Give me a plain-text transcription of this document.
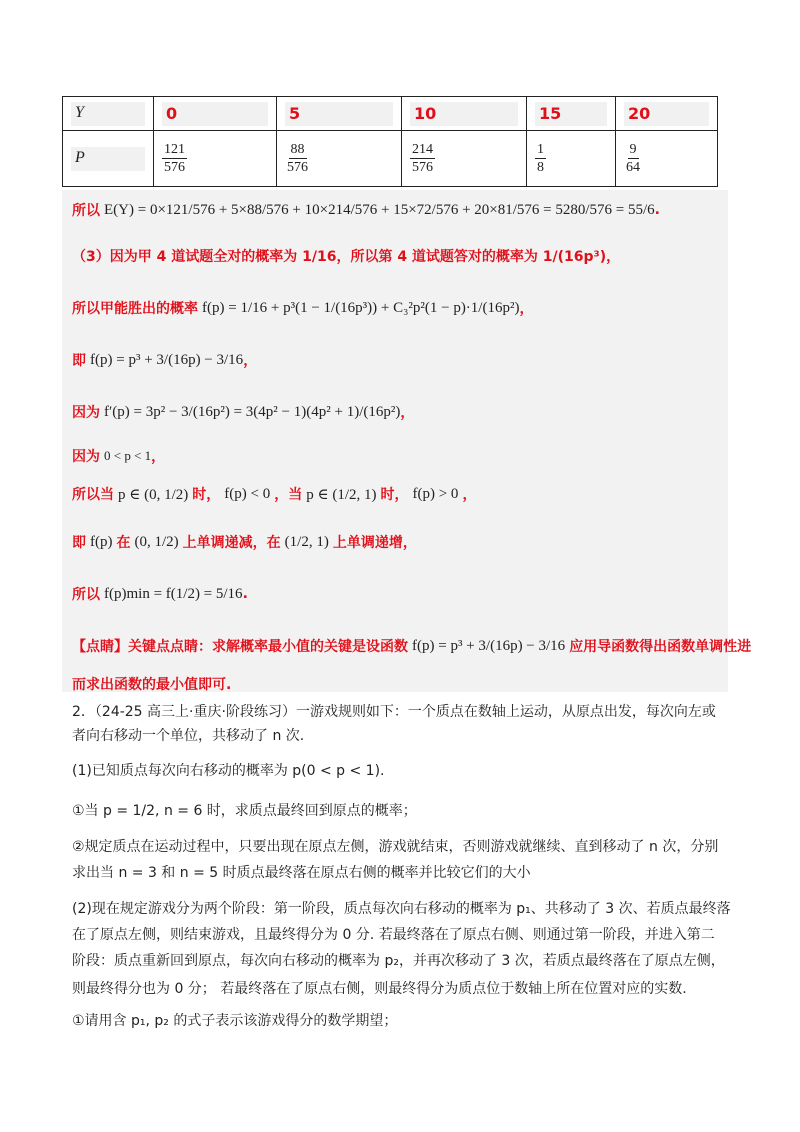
Y	0	5	10	15	20

P	$\frac{121}{576}$	$\frac{88}{576}$	$\frac{214}{576}$	$\frac{1}{8}$	$\frac{9}{64}$
所以 E(Y) = 0×121/576 + 5×88/576 + 10×214/576 + 15×72/576 + 20×81/576 = 5280/576 = 55/6 .
（3）因为甲 4 道试题全对的概率为 1/16，所以第 4 道试题答对的概率为 1/(16p³)，
所以甲能胜出的概率 f(p) = 1/16 + p³(1 − 1/(16p³)) + C₃²p²(1 − p)·1/(16p²) ，
即 f(p) = p³ + 3/(16p) − 3/16 ，
因为 f′(p) = 3p² − 3/(16p²) = 3(4p² − 1)(4p² + 1)/(16p²) ，
因为 0 < p < 1 ，
所以当 p ∈ (0, 1/2) 时， f(p) < 0 ，当 p ∈ (1/2, 1) 时， f(p) > 0 ，
即 f(p) 在 (0, 1/2) 上单调递减，在 (1/2, 1) 上单调递增，
所以 f(p)min = f(1/2) = 5/16 .
【点睛】关键点点睛：求解概率最小值的关键是设函数 f(p) = p³ + 3/(16p) − 3/16 应用导函数得出函数单调性进
而求出函数的最小值即可.
2．（24-25 高三上·重庆·阶段练习）一游戏规则如下：一个质点在数轴上运动，从原点出发，每次向左或
者向右移动一个单位，共移动了 n 次.
(1)已知质点每次向右移动的概率为 p(0 < p < 1).
①当 p = 1/2, n = 6 时，求质点最终回到原点的概率；
②规定质点在运动过程中，只要出现在原点左侧，游戏就结束，否则游戏就继续、直到移动了 n 次，分别
求出当 n = 3 和 n = 5 时质点最终落在原点右侧的概率并比较它们的大小
(2)现在规定游戏分为两个阶段：第一阶段，质点每次向右移动的概率为 p₁、共移动了 3 次、若质点最终落
在了原点左侧，则结束游戏，且最终得分为 0 分. 若最终落在了原点右侧、则通过第一阶段，并进入第二
阶段：质点重新回到原点，每次向右移动的概率为 p₂，并再次移动了 3 次，若质点最终落在了原点左侧，
则最终得分也为 0 分； 若最终落在了原点右侧，则最终得分为质点位于数轴上所在位置对应的实数.
①请用含 p₁, p₂ 的式子表示该游戏得分的数学期望；
